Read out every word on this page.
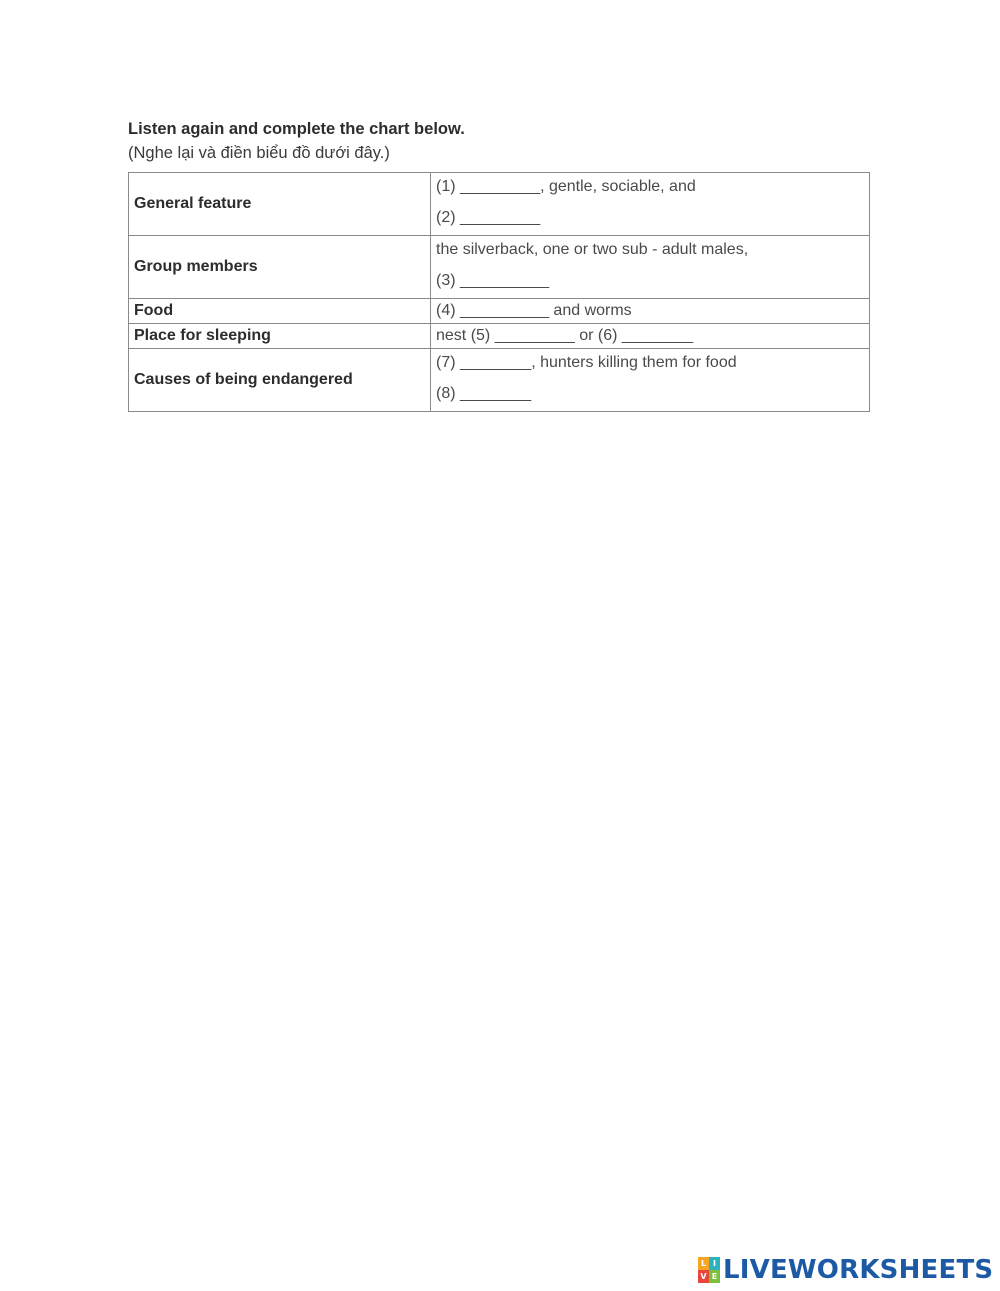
Listen again and complete the chart below.

(Nghe lại và điền biểu đồ dưới đây.)

General feature	(1) _________, gentle, sociable, and
(2) _________

Group members	the silverback, one or two sub - adult males,
(3) __________

Food	(4) __________ and worms

Place for sleeping	nest (5) _________ or (6) ________

Causes of being endangered	(7) ________, hunters killing them for food
(8) ________
L I
V E LIVEWORKSHEETS
